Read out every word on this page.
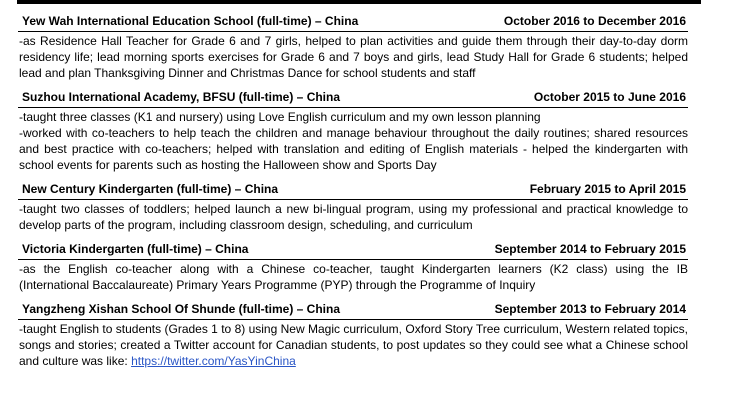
Yew Wah International Education School (full-time) – China	October 2016 to December 2016

-as Residence Hall Teacher for Grade 6 and 7 girls, helped to plan activities and guide them through their day-to-day dorm residency life; lead morning sports exercises for Grade 6 and 7 boys and girls, lead Study Hall for Grade 6 students; helped lead and plan Thanksgiving Dinner and Christmas Dance for school students and staff

Suzhou International Academy, BFSU (full-time) – China	October 2015 to June 2016

-taught three classes (K1 and nursery) using Love English curriculum and my own lesson planning

-worked with co-teachers to help teach the children and manage behaviour throughout the daily routines; shared resources and best practice with co-teachers; helped with translation and editing of English materials - helped the kindergarten with school events for parents such as hosting the Halloween show and Sports Day

New Century Kindergarten (full-time) – China	February 2015 to April 2015

-taught two classes of toddlers; helped launch a new bi-lingual program, using my professional and practical knowledge to develop parts of the program, including classroom design, scheduling, and curriculum

Victoria Kindergarten (full-time) – China	September 2014 to February 2015

-as the English co-teacher along with a Chinese co-teacher, taught Kindergarten learners (K2 class) using the IB (International Baccalaureate) Primary Years Programme (PYP) through the Programme of Inquiry

Yangzheng Xishan School Of Shunde (full-time) – China	September 2013 to February 2014

-taught English to students (Grades 1 to 8) using New Magic curriculum, Oxford Story Tree curriculum, Western related topics, songs and stories; created a Twitter account for Canadian students, to post updates so they could see what a Chinese school and culture was like: https://twitter.com/YasYinChina
